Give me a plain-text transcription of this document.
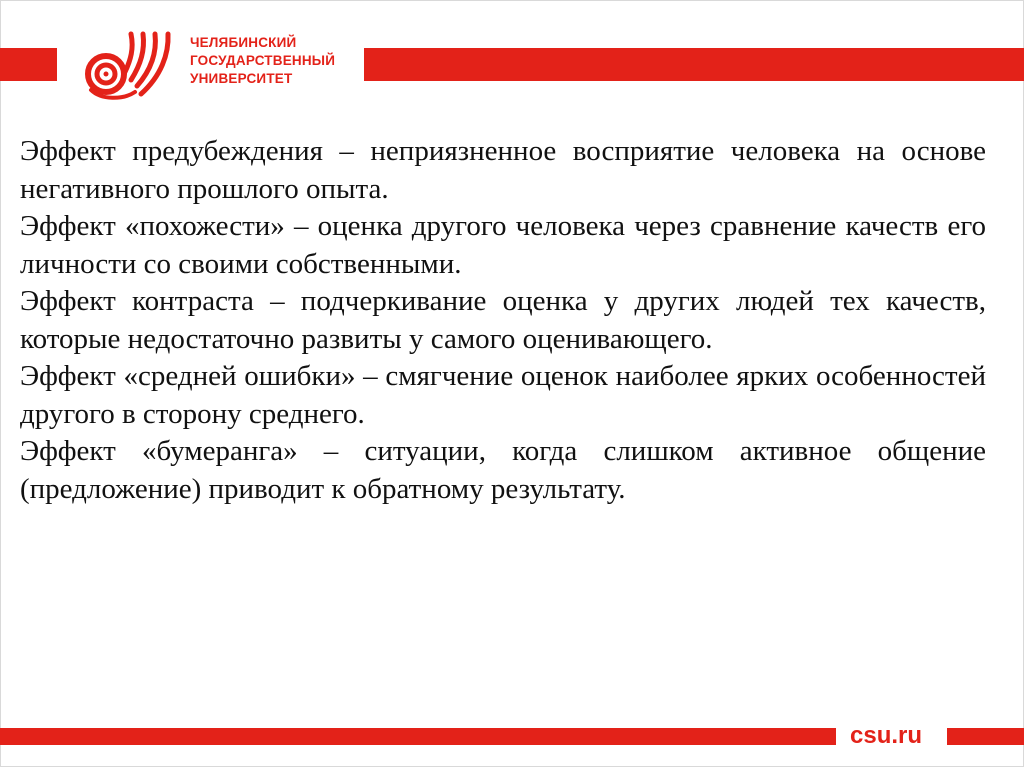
ЧЕЛЯБИНСКИЙ
ГОСУДАРСТВЕННЫЙ
УНИВЕРСИТЕТ

Эффект предубеждения – неприязненное восприятие человека на основе негативного прошлого опыта.

Эффект «похожести» – оценка другого человека через сравнение качеств его личности со своими собственными.

Эффект контраста – подчеркивание оценка у других людей тех качеств, которые недостаточно развиты у самого оценивающего.

Эффект «средней ошибки» – смягчение оценок наиболее ярких особенностей другого в сторону среднего.

Эффект «бумеранга» – ситуации, когда слишком активное общение (предложение) приводит к обратному результату.

csu.ru
